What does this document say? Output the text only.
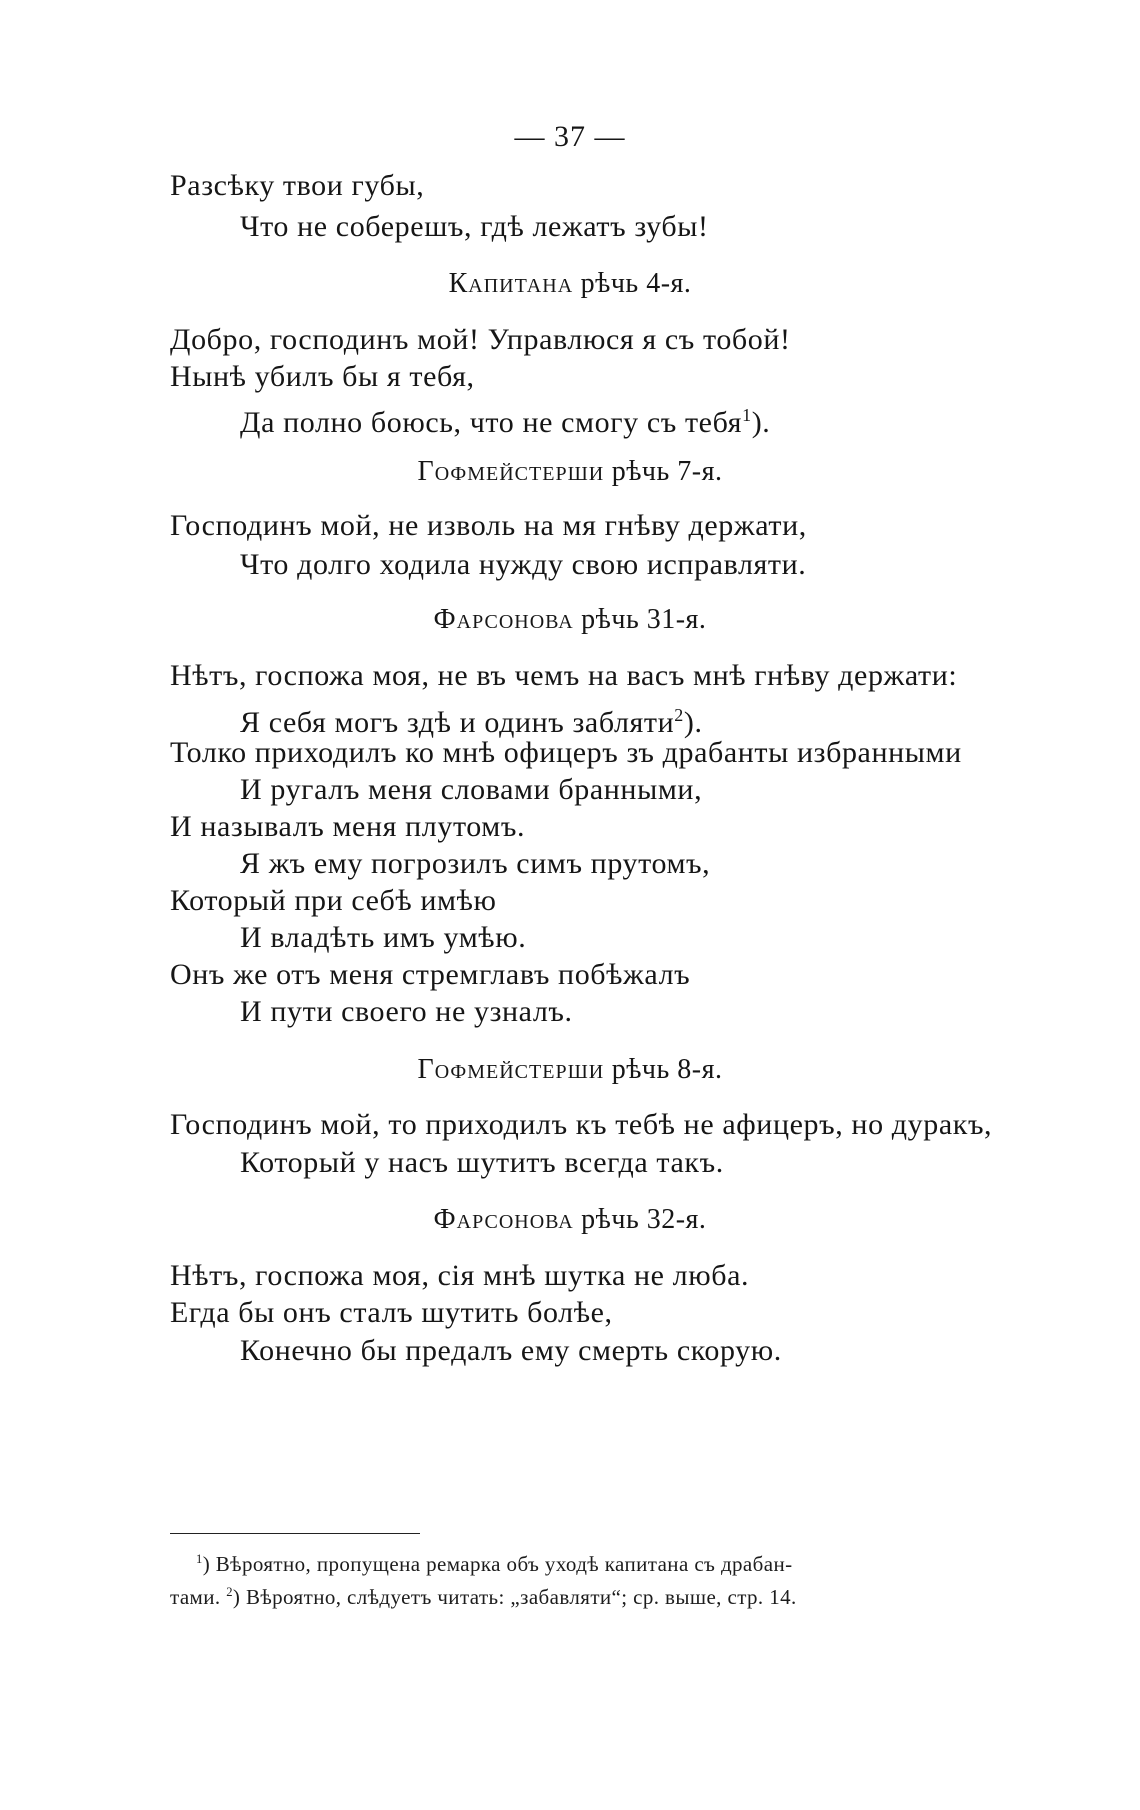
— 37 —
Разсѣку твои губы,
Что не соберешъ, гдѣ лежатъ зубы!
Капитана рѣчь 4-я.
Добро, господинъ мой! Управлюся я съ тобой!
Нынѣ убилъ бы я тебя,
Да полно боюсь, что не смогу съ тебя$^1$).
Гофмейстерши рѣчь 7-я.
Господинъ мой, не изволь на мя гнѣву держати,
Что долго ходила нужду свою исправляти.
Фарсонова рѣчь 31-я.
Нѣтъ, госпожа моя, не въ чемъ на васъ мнѣ гнѣву держати:
Я себя могъ здѣ и одинъ забляти$^2$).
Толко приходилъ ко мнѣ офицеръ зъ драбанты избранными
И ругалъ меня словами бранными,
И называлъ меня плутомъ.
Я жъ ему погрозилъ симъ прутомъ,
Который при себѣ имѣю
И владѣть имъ умѣю.
Онъ же отъ меня стремглавъ побѣжалъ
И пути своего не узналъ.
Гофмейстерши рѣчь 8-я.
Господинъ мой, то приходилъ къ тебѣ не афицеръ, но дуракъ,
Который у насъ шутитъ всегда такъ.
Фарсонова рѣчь 32-я.
Нѣтъ, госпожа моя, сія мнѣ шутка не люба.
Егда бы онъ сталъ шутить болѣе,
Конечно бы предалъ ему смерть скорую.
$^1$) Вѣроятно, пропущена ремарка объ уходѣ капитана съ драбан-
тами. $^2$) Вѣроятно, слѣдуетъ читать: „забавляти“; ср. выше, стр. 14.
